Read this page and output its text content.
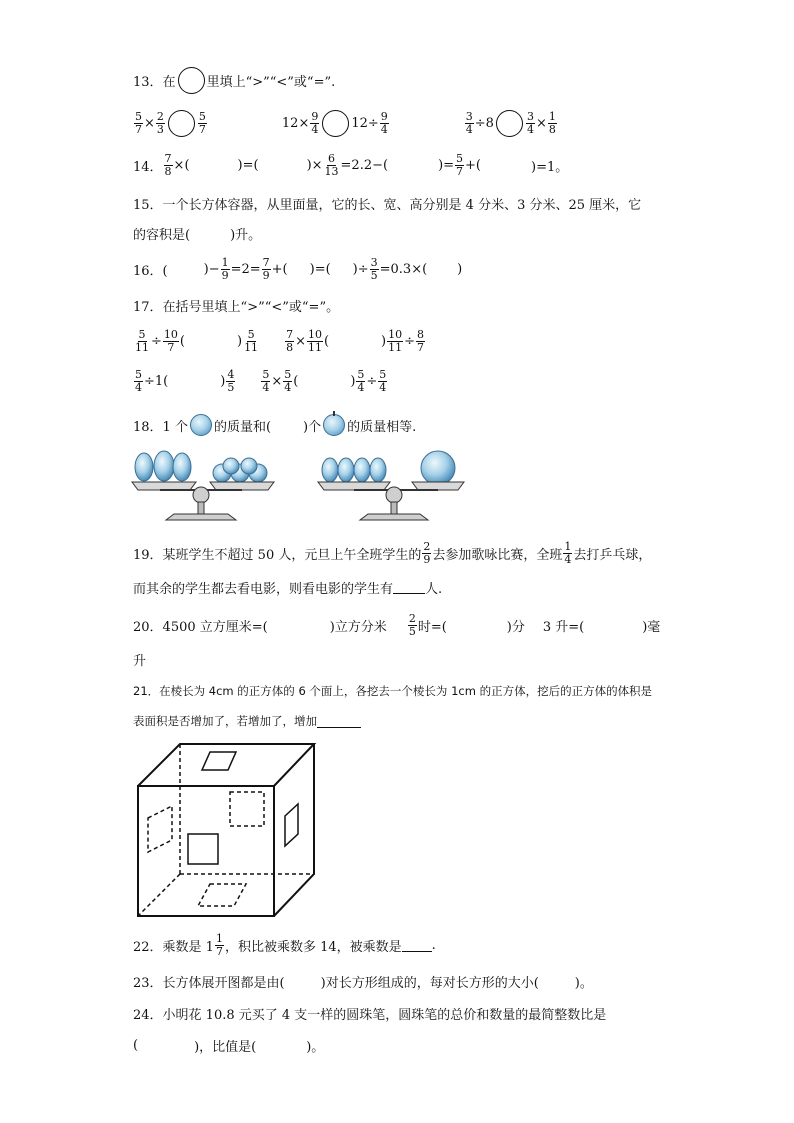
13． 在 里填上“>”“<”或“=”.
$\frac{5}{7} \times \frac{2}{3}$	$\frac{5}{7}$	$12\times \frac{9}{4} 12\div \frac{9}{4}$	$\frac{3}{4} \div 8$	$\frac{3}{4} \times \frac{1}{8}$
14． $\frac{7}{8}$ ×(	)=(	)× $\frac{6}{13} =2.2-$(	)= $\frac{5}{7}$ +(	)=1。
15．一个长方体容器，从里面量，它的长、宽、高分别是 4 分米、3 分米、25 厘米，它
的容积是(	)升。
16．(	)− $\frac{1}{9} =2= \frac{7}{9}$ +( )=( )÷ $\frac{3}{5} =0.3\times$( )
17．在括号里填上“>”“<”或“=”。
$\frac{5}{11} \div \frac{10}{7}$ (	) $\frac{5}{11} \frac{7}{8} \times \frac{10}{11}$ (	) $\frac{10}{11} \div \frac{8}{7}$
$\frac{5}{4} \div 1$(	) $\frac{4}{5} \frac{5}{4} \times \frac{5}{4}$ (	) $\frac{5}{4} \div \frac{5}{4}$
18．1 个 的质量和( )个 的质量相等.
19．某班学生不超过 50 人，元旦上午全班学生的 $\frac{2}{9}$ 去参加歌咏比赛，全班 $\frac{1}{4}$ 去打乒乓球，
而其余的学生都去看电影，则看电影的学生有 人.
20．4500 立方厘米=(	)立方分米 $\frac{2}{5}$ 时=(	)分 3 升=(	)毫
升
21．在棱长为 4cm 的正方体的 6 个面上，各挖去一个棱长为 1cm 的正方体，挖后的正方体的体积是
表面积是否增加了，若增加了，增加
22．乘数是 $1 \frac{1}{7}$ ，积比被乘数多 14，被乘数是 .
23．长方体展开图都是由(	)对长方形组成的，每对长方形的大小(	)。
24．小明花 10.8 元买了 4 支一样的圆珠笔，圆珠笔的总价和数量的最简整数比是
(	)，比值是(	)。
